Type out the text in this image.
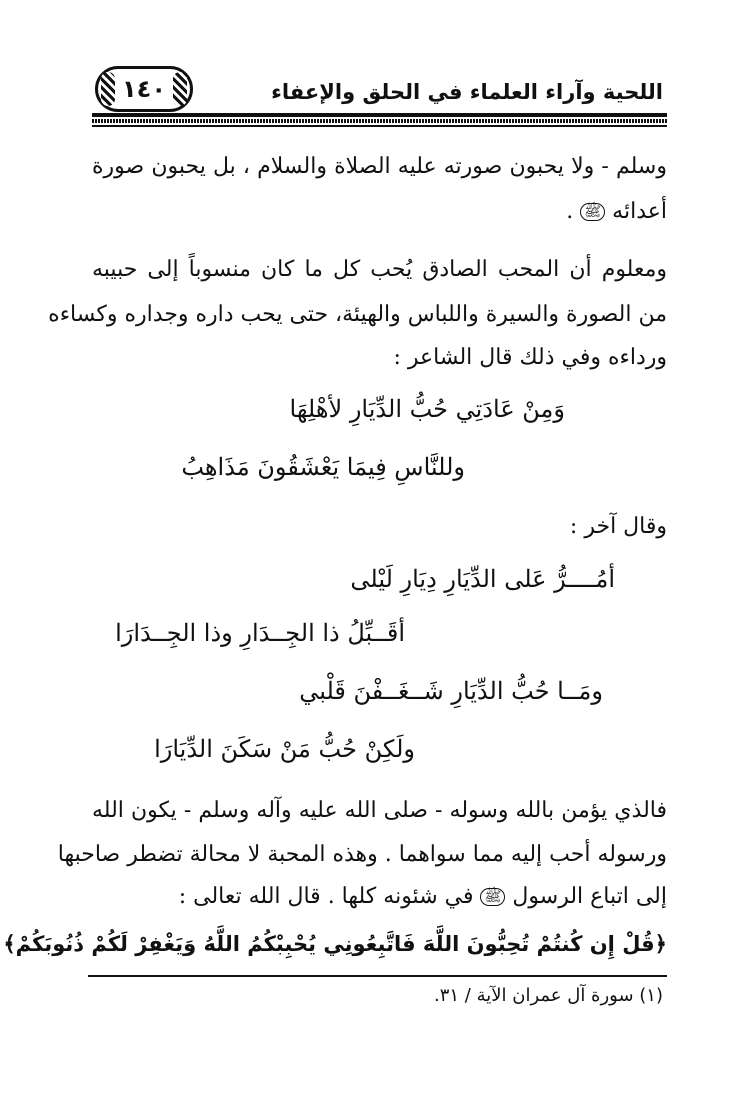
اللحية وآراء العلماء في الحلق والإعفاء
١٤٠
وسلم - ولا يحبون صورته عليه الصلاة والسلام ، بل يحبون صورة
أعدائه ﷺ .
ومعلوم أن المحب الصادق يُحب كل ما كان منسوباً إلى حبيبه
من الصورة والسيرة واللباس والهيئة، حتى يحب داره وجداره وكساءه
ورداءه وفي ذلك قال الشاعر :
وَمِنْ عَادَتِي حُبُّ الدِّيَارِ لأهْلِهَا
وللنَّاسِ فِيمَا يَعْشَقُونَ مَذَاهِبُ
وقال آخر :
أمُــــرُّ عَلى الدِّيَارِ دِيَارِ لَيْلى
أقَــبِّلُ ذا الجِــدَارِ وذا الجِــدَارَا
ومَــا حُبُّ الدِّيَارِ شَــغَــفْنَ قَلْبي
ولَكِنْ حُبُّ مَنْ سَكَنَ الدِّيَارَا
فالذي يؤمن بالله وسوله - صلى الله عليه وآله وسلم - يكون الله
ورسوله أحب إليه مما سواهما . وهذه المحبة لا محالة تضطر صاحبها
إلى اتباع الرسول ﷺ في شئونه كلها . قال الله تعالى :
﴿قُلْ إِن كُنتُمْ تُحِبُّونَ اللَّهَ فَاتَّبِعُونِي يُحْبِبْكُمُ اللَّهُ وَيَغْفِرْ لَكُمْ ذُنُوبَكُمْ﴾
(١) سورة آل عمران الآية / ٣١.
